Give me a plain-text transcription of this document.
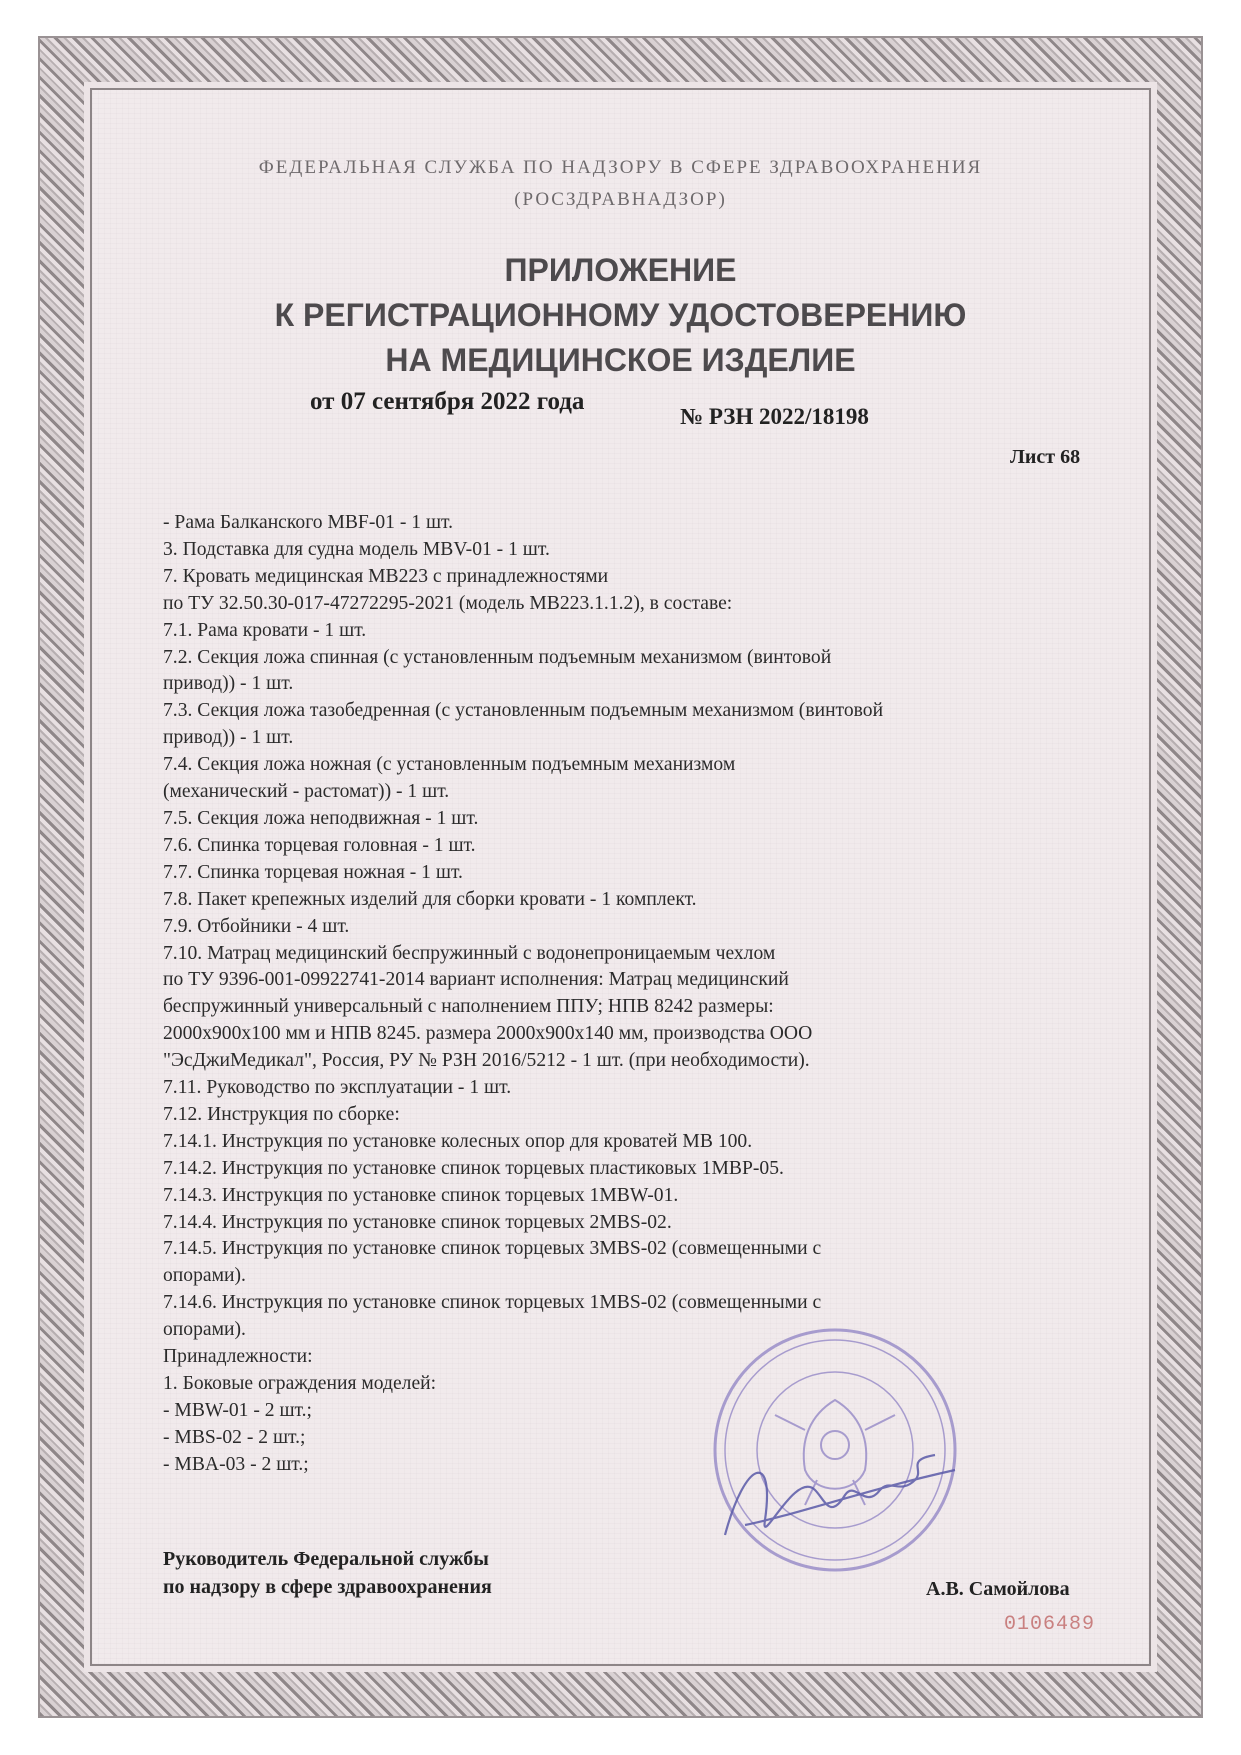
ФЕДЕРАЛЬНАЯ СЛУЖБА ПО НАДЗОРУ В СФЕРЕ ЗДРАВООХРАНЕНИЯ
(РОСЗДРАВНАДЗОР)
ПРИЛОЖЕНИЕ
К РЕГИСТРАЦИОННОМУ УДОСТОВЕРЕНИЮ
НА МЕДИЦИНСКОЕ ИЗДЕЛИЕ
от 07 сентября 2022 года
№ РЗН 2022/18198
Лист 68
- Рама Балканского MBF-01 - 1 шт.
3. Подставка для судна модель MBV-01 - 1 шт.
7. Кровать медицинская MB223 с принадлежностями
по ТУ 32.50.30-017-47272295-2021 (модель MB223.1.1.2), в составе:
7.1. Рама кровати - 1 шт.
7.2. Секция ложа спинная (с установленным подъемным механизмом (винтовой
привод)) - 1 шт.
7.3. Секция ложа тазобедренная (с установленным подъемным механизмом (винтовой
привод)) - 1 шт.
7.4. Секция ложа ножная (с установленным подъемным механизмом
(механический - растомат)) - 1 шт.
7.5. Секция ложа неподвижная - 1 шт.
7.6. Спинка торцевая головная - 1 шт.
7.7. Спинка торцевая ножная - 1 шт.
7.8. Пакет крепежных изделий для сборки кровати - 1 комплект.
7.9. Отбойники - 4 шт.
7.10. Матрац медицинский беспружинный с водонепроницаемым чехлом
по ТУ 9396-001-09922741-2014 вариант исполнения: Матрац медицинский
беспружинный универсальный с наполнением ППУ; НПВ 8242 размеры:
2000х900х100 мм и НПВ 8245. размера 2000х900х140 мм, производства ООО
"ЭсДжиМедикал", Россия, РУ № РЗН 2016/5212 - 1 шт. (при необходимости).
7.11. Руководство по эксплуатации - 1 шт.
7.12. Инструкция по сборке:
7.14.1. Инструкция по установке колесных опор для кроватей MB 100.
7.14.2. Инструкция по установке спинок торцевых пластиковых 1MBP-05.
7.14.3. Инструкция по установке спинок торцевых 1MBW-01.
7.14.4. Инструкция по установке спинок торцевых 2MBS-02.
7.14.5. Инструкция по установке спинок торцевых 3MBS-02 (совмещенными с
опорами).
7.14.6. Инструкция по установке спинок торцевых 1MBS-02 (совмещенными с
опорами).
Принадлежности:
1. Боковые ограждения моделей:
- MBW-01 - 2 шт.;
- MBS-02 - 2 шт.;
- MBA-03 - 2 шт.;
Руководитель Федеральной службы
по надзору в сфере здравоохранения	А.В. Самойлова
0106489
